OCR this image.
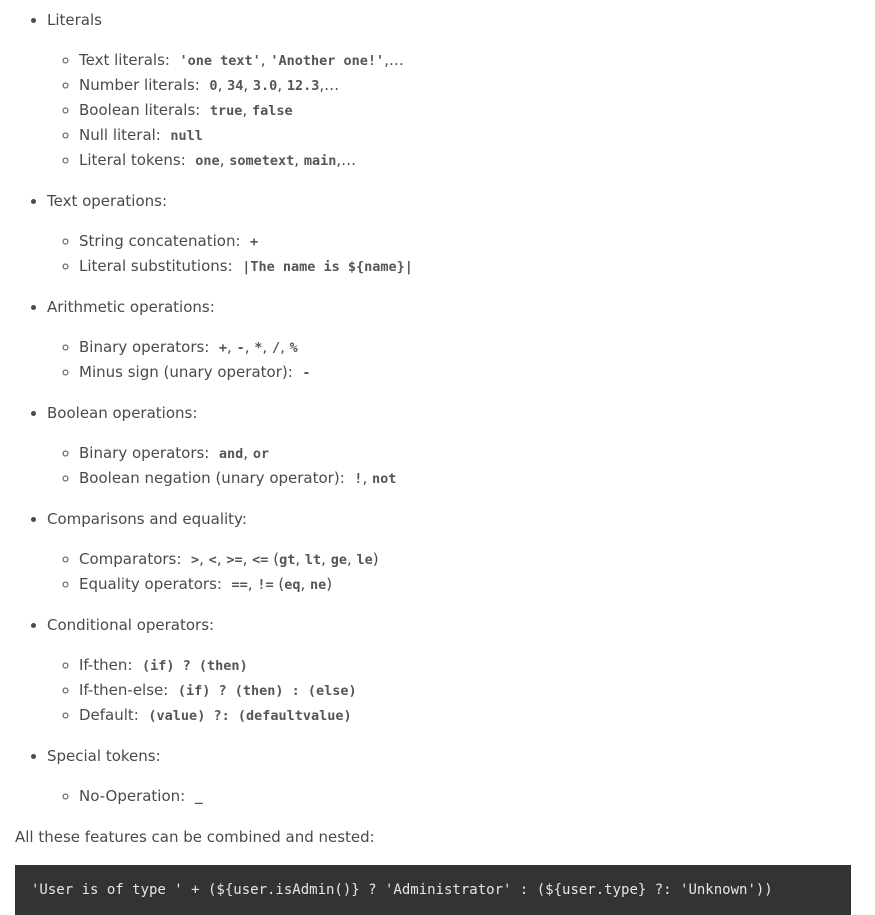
• Literals
◦ Text literals: 'one text', 'Another one!',…
◦ Number literals: 0, 34, 3.0, 12.3,…
◦ Boolean literals: true, false
◦ Null literal: null
◦ Literal tokens: one, sometext, main,…
• Text operations:
◦ String concatenation: +
◦ Literal substitutions: |The name is ${name}|
• Arithmetic operations:
◦ Binary operators: +, -, *, /, %
◦ Minus sign (unary operator): -
• Boolean operations:
◦ Binary operators: and, or
◦ Boolean negation (unary operator): !, not
• Comparisons and equality:
◦ Comparators: >, <, >=, <= (gt, lt, ge, le)
◦ Equality operators: ==, != (eq, ne)
• Conditional operators:
◦ If-then: (if) ? (then)
◦ If-then-else: (if) ? (then) : (else)
◦ Default: (value) ?: (defaultvalue)
• Special tokens:
◦ No-Operation: _

All these features can be combined and nested:

'User is of type ' + (${user.isAdmin()} ? 'Administrator' : (${user.type} ?: 'Unknown'))
